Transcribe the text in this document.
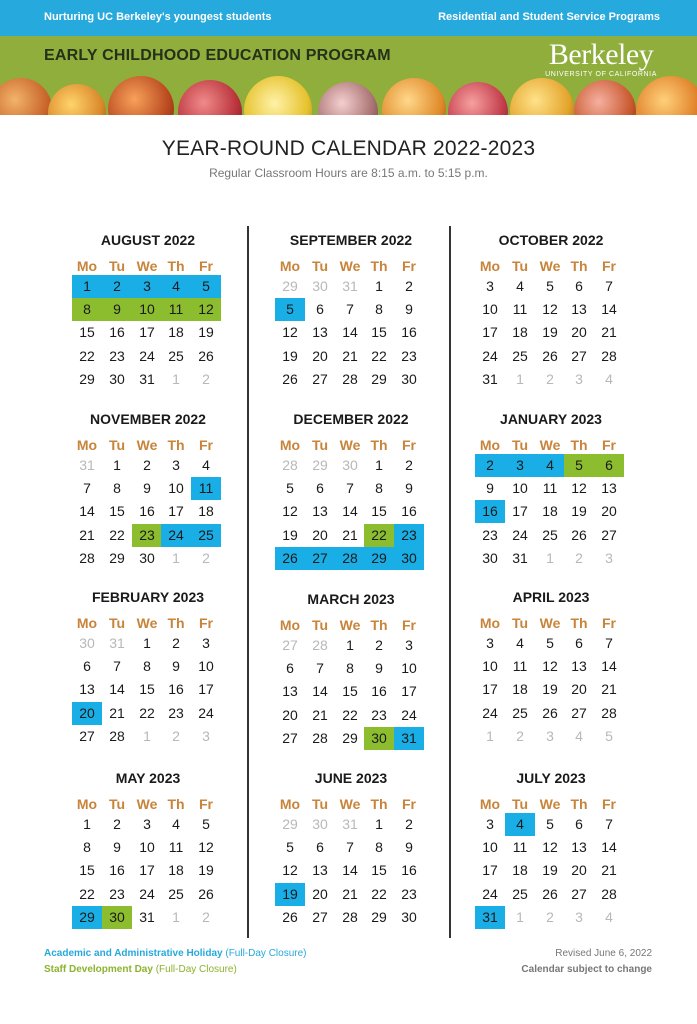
Nurturing UC Berkeley's youngest students	Residential and Student Service Programs
EARLY CHILDHOOD EDUCATION PROGRAM	Berkeley
UNIVERSITY OF CALIFORNIA
YEAR-ROUND CALENDAR 2022-2023
Regular Classroom Hours are 8:15 a.m. to 5:15 p.m.
AUGUST 2022
Mo Tu We Th	Fr
1	2	3	4	5
8	9	10 11	12
15	16	17 18	19
22	23	24 25	26
29	30	31	1	2
SEPTEMBER 2022
Mo Tu We Th	Fr
29	30	31	1	2
5	6	7	8	9
12	13	14 15	16
19	20	21 22	23
26	27	28 29	30
OCTOBER 2022
Mo Tu We Th	Fr
3	4	5	6	7
10	11	12 13	14
17	18	19 20	21
24	25	26 27	28
31	1	2	3	4
NOVEMBER 2022
Mo Tu We Th	Fr
31	1	2	3	4
7	8	9	10	11
14	15	16 17	18
21	22	23 24	25
28	29	30	1	2
DECEMBER 2022
Mo Tu We Th	Fr
28	29	30	1	2
5	6	7	8	9
12	13	14 15	16
19	20	21 22	23
26	27	28 29	30
JANUARY 2023
Mo Tu We Th	Fr
2	3	4	5	6
9	10	11 12	13
16	17	18 19	20
23	24	25 26	27
30	31	1	2	3
FEBRUARY 2023
Mo Tu We Th	Fr
30	31	1	2	3
6	7	8	9	10
13	14	15 16	17
20	21	22 23	24
27	28	1	2	3
MARCH 2023
Mo Tu We Th	Fr
27	28	1	2	3
6	7	8	9	10
13	14	15 16	17
20	21	22 23	24
27	28	29 30	31
APRIL 2023
Mo Tu We Th	Fr
3	4	5	6	7
10	11	12 13	14
17	18	19 20	21
24	25	26 27	28
1	2	3	4	5
MAY 2023
Mo Tu We Th	Fr
1	2	3	4	5
8	9	10 11	12
15	16	17 18	19
22	23	24 25	26
29	30	31	1	2
JUNE 2023
Mo Tu We Th	Fr
29	30	31	1	2
5	6	7	8	9
12	13	14 15	16
19	20	21 22	23
26	27	28 29	30
JULY 2023
Mo Tu We Th	Fr
3	4	5	6	7
10	11	12 13	14
17	18	19 20	21
24	25	26 27	28
31	1	2	3	4
Academic and Administrative Holiday (Full-Day Closure)
Staff Development Day (Full-Day Closure)
Revised June 6, 2022
Calendar subject to change
